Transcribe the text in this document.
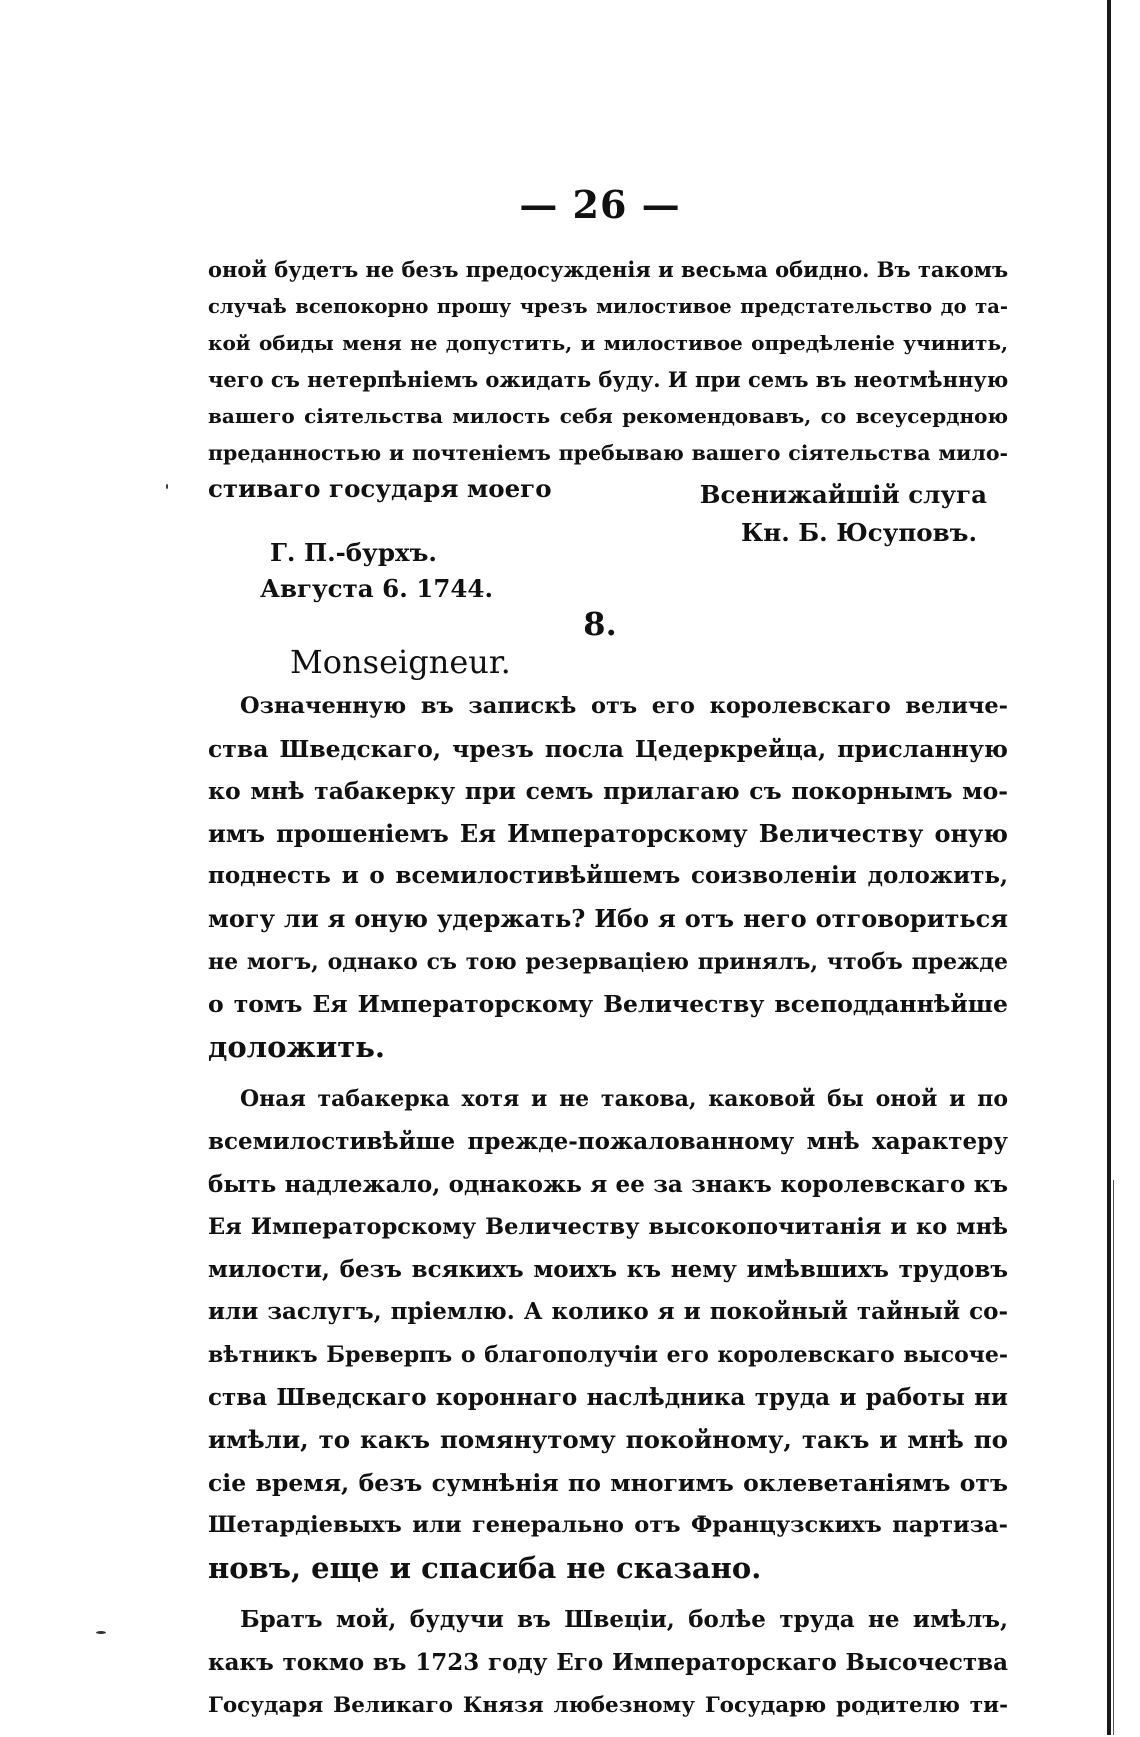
— 26 —
оной будетъ не безъ предосужденія и весьма обидно. Въ такомъ
случаѣ всепокорно прошу чрезъ милостивое предстательство до та-
кой обиды меня не допустить, и милостивое опредѣленіе учинить,
чего съ нетерпѣніемъ ожидать буду. И при семъ въ неотмѣнную
вашего сіятельства милость себя рекомендовавъ, со всеусердною
преданностью и почтеніемъ пребываю вашего сіятельства мило-
стиваго государя моего	Всенижайшій слуга
Кн. Б. Юсуповъ.
Г. П.-бурхъ.
Августа 6. 1744.
8.
Monseigneur.
Означенную въ запискѣ отъ его королевскаго величе-
ства Шведскаго, чрезъ посла Цедеркрейца, присланную
ко мнѣ табакерку при семъ прилагаю съ покорнымъ мо-
имъ прошеніемъ Ея Императорскому Величеству оную
поднесть и о всемилостивѣйшемъ соизволеніи доложить,
могу ли я оную удержать? Ибо я отъ него отговориться
не могъ, однако съ тою резерваціею принялъ, чтобъ прежде
о томъ Ея Императорскому Величеству всеподданнѣйше
доложить.
Оная табакерка хотя и не такова, каковой бы оной и по
всемилостивѣйше прежде-пожалованному мнѣ характеру
быть надлежало, однакожь я ее за знакъ королевскаго къ
Ея Императорскому Величеству высокопочитанія и ко мнѣ
милости, безъ всякихъ моихъ къ нему имѣвшихъ трудовъ
или заслугъ, пріемлю. А колико я и покойный тайный со-
вѣтникъ Бреверпъ о благополучіи его королевскаго высоче-
ства Шведскаго короннаго наслѣдника труда и работы ни
имѣли, то какъ помянутому покойному, такъ и мнѣ по
сіе время, безъ сумнѣнія по многимъ оклеветаніямъ отъ
Шетардіевыхъ или генерально отъ Французскихъ партиза-
новъ, еще и спасиба не сказано.
Братъ мой, будучи въ Швеціи, болѣе труда не имѣлъ,
какъ токмо въ 1723 году Его Императорскаго Высочества
Государя Великаго Князя любезному Государю родителю ти-
